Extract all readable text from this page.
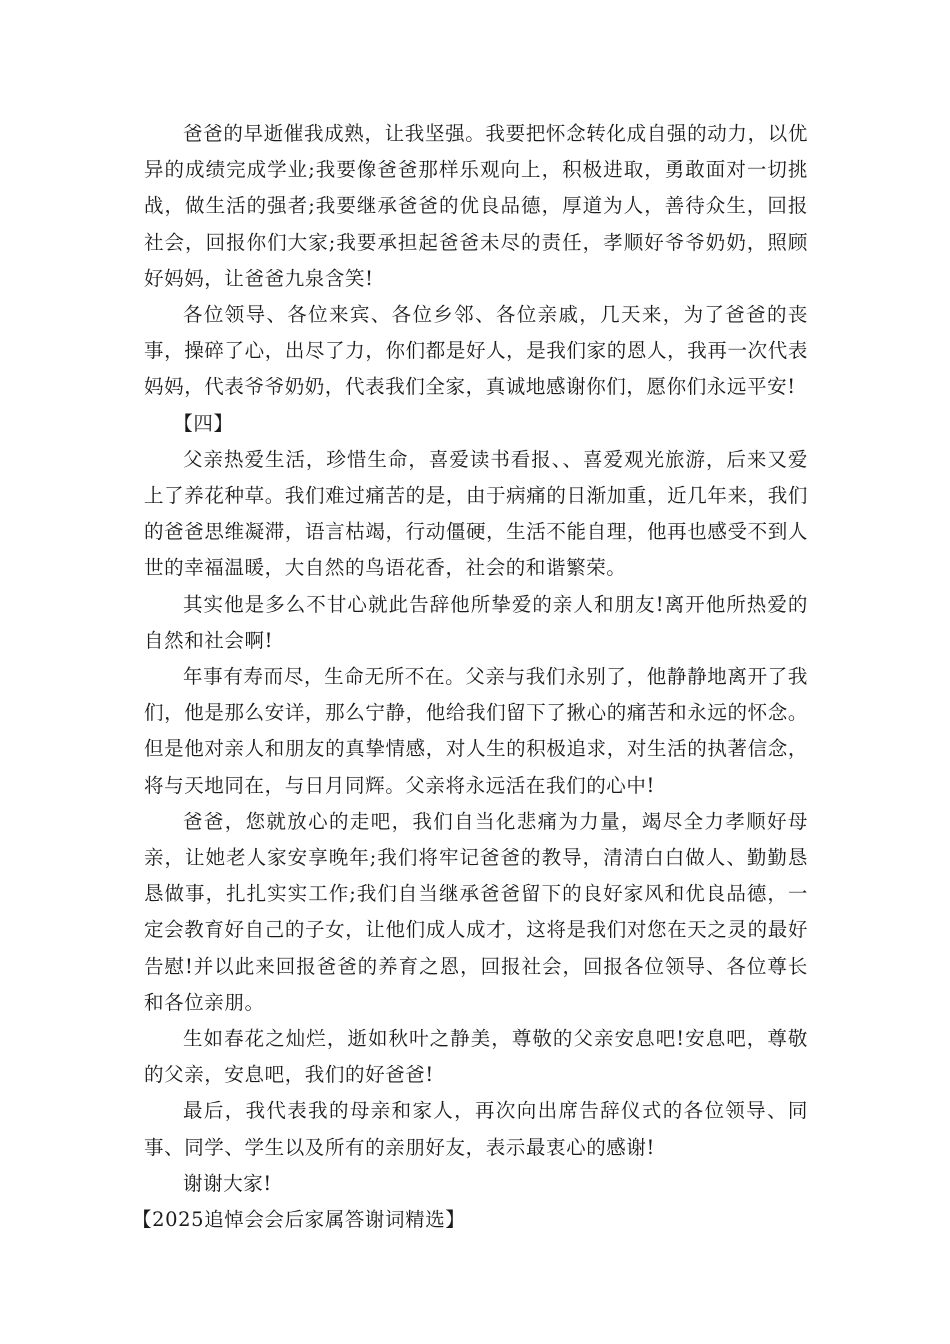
爸爸的早逝催我成熟，让我坚强。我要把怀念转化成自强的动力，以优异的成绩完成学业;我要像爸爸那样乐观向上，积极进取，勇敢面对一切挑战，做生活的强者;我要继承爸爸的优良品德，厚道为人，善待众生，回报社会，回报你们大家;我要承担起爸爸未尽的责任，孝顺好爷爷奶奶，照顾好妈妈，让爸爸九泉含笑!

各位领导、各位来宾、各位乡邻、各位亲戚，几天来，为了爸爸的丧事，操碎了心，出尽了力，你们都是好人，是我们家的恩人，我再一次代表妈妈，代表爷爷奶奶，代表我们全家，真诚地感谢你们，愿你们永远平安!

【四】

父亲热爱生活，珍惜生命，喜爱读书看报、、喜爱观光旅游，后来又爱上了养花种草。我们难过痛苦的是，由于病痛的日渐加重，近几年来，我们的爸爸思维凝滞，语言枯竭，行动僵硬，生活不能自理，他再也感受不到人世的幸福温暖，大自然的鸟语花香，社会的和谐繁荣。

其实他是多么不甘心就此告辞他所挚爱的亲人和朋友!离开他所热爱的自然和社会啊!

年事有寿而尽，生命无所不在。父亲与我们永别了，他静静地离开了我们，他是那么安详，那么宁静，他给我们留下了揪心的痛苦和永远的怀念。但是他对亲人和朋友的真挚情感，对人生的积极追求，对生活的执著信念，将与天地同在，与日月同辉。父亲将永远活在我们的心中!

爸爸，您就放心的走吧，我们自当化悲痛为力量，竭尽全力孝顺好母亲，让她老人家安享晚年;我们将牢记爸爸的教导，清清白白做人、勤勤恳恳做事，扎扎实实工作;我们自当继承爸爸留下的良好家风和优良品德，一定会教育好自己的子女，让他们成人成才，这将是我们对您在天之灵的最好告慰!并以此来回报爸爸的养育之恩，回报社会，回报各位领导、各位尊长和各位亲朋。

生如春花之灿烂，逝如秋叶之静美，尊敬的父亲安息吧!安息吧，尊敬的父亲，安息吧，我们的好爸爸!

最后，我代表我的母亲和家人，再次向出席告辞仪式的各位领导、同事、同学、学生以及所有的亲朋好友，表示最衷心的感谢!

谢谢大家!

【2025追悼会会后家属答谢词精选】
